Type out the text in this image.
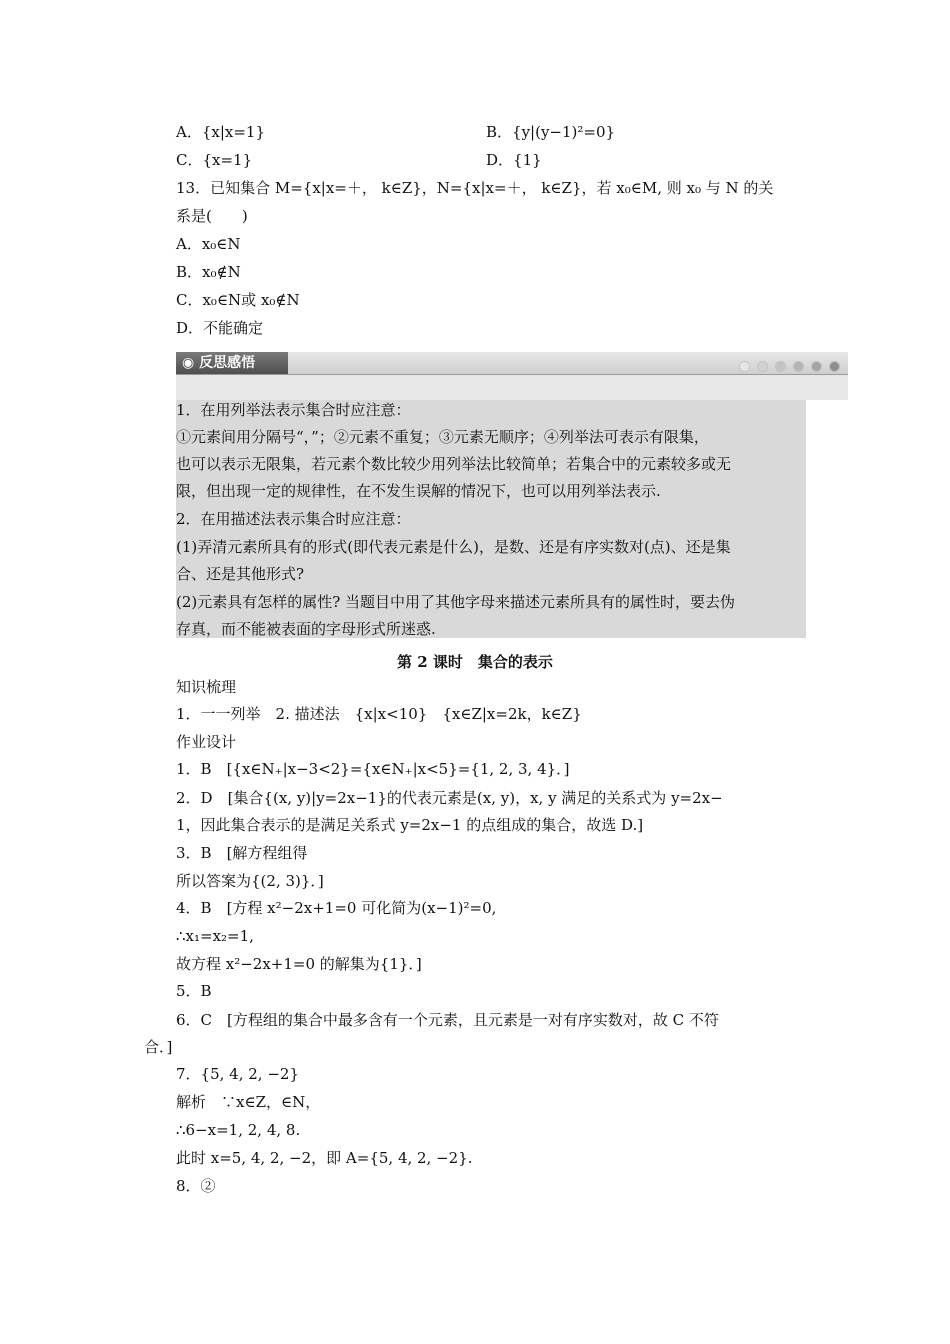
A．{x|x=1}	B．{y|(y−1)²=0}
C．{x=1}	D．{1}
13．已知集合 M={x|x=＋， k∈Z}，N={x|x=＋， k∈Z}，若 x₀∈M, 则 x₀ 与 N 的关
系是(　　)
A．x₀∈N
B．x₀∉N
C．x₀∈N或 x₀∉N
D．不能确定
◉ 反思感悟
1．在用列举法表示集合时应注意：
①元素间用分隔号“，”；②元素不重复；③元素无顺序；④列举法可表示有限集，
也可以表示无限集，若元素个数比较少用列举法比较简单；若集合中的元素较多或无
限，但出现一定的规律性，在不发生误解的情况下，也可以用列举法表示.
2．在用描述法表示集合时应注意：
(1)弄清元素所具有的形式(即代表元素是什么)，是数、还是有序实数对(点)、还是集
合、还是其他形式?
(2)元素具有怎样的属性? 当题目中用了其他字母来描述元素所具有的属性时，要去伪
存真，而不能被表面的字母形式所迷惑.
第 2 课时　集合的表示
知识梳理
1．一一列举　2. 描述法　{x|x<10}　{x∈Z|x=2k，k∈Z}
作业设计
1．B　[{x∈N₊|x−3<2}={x∈N₊|x<5}={1, 2, 3, 4}．]
2．D　[集合{(x, y)|y=2x−1}的代表元素是(x, y)，x, y 满足的关系式为 y=2x−
1，因此集合表示的是满足关系式 y=2x−1 的点组成的集合，故选 D.]
3．B　[解方程组得
所以答案为{(2, 3)}．]
4．B　[方程 x²−2x+1=0 可化简为(x−1)²=0,
∴x₁=x₂=1,
故方程 x²−2x+1=0 的解集为{1}．]
5．B
6．C　[方程组的集合中最多含有一个元素，且元素是一对有序实数对，故 C 不符
合．]
7．{5, 4, 2, −2}
解析　∵x∈Z，∈N，
∴6−x=1, 2, 4, 8.
此时 x=5, 4, 2, −2，即 A={5, 4, 2, −2}.
8．②
